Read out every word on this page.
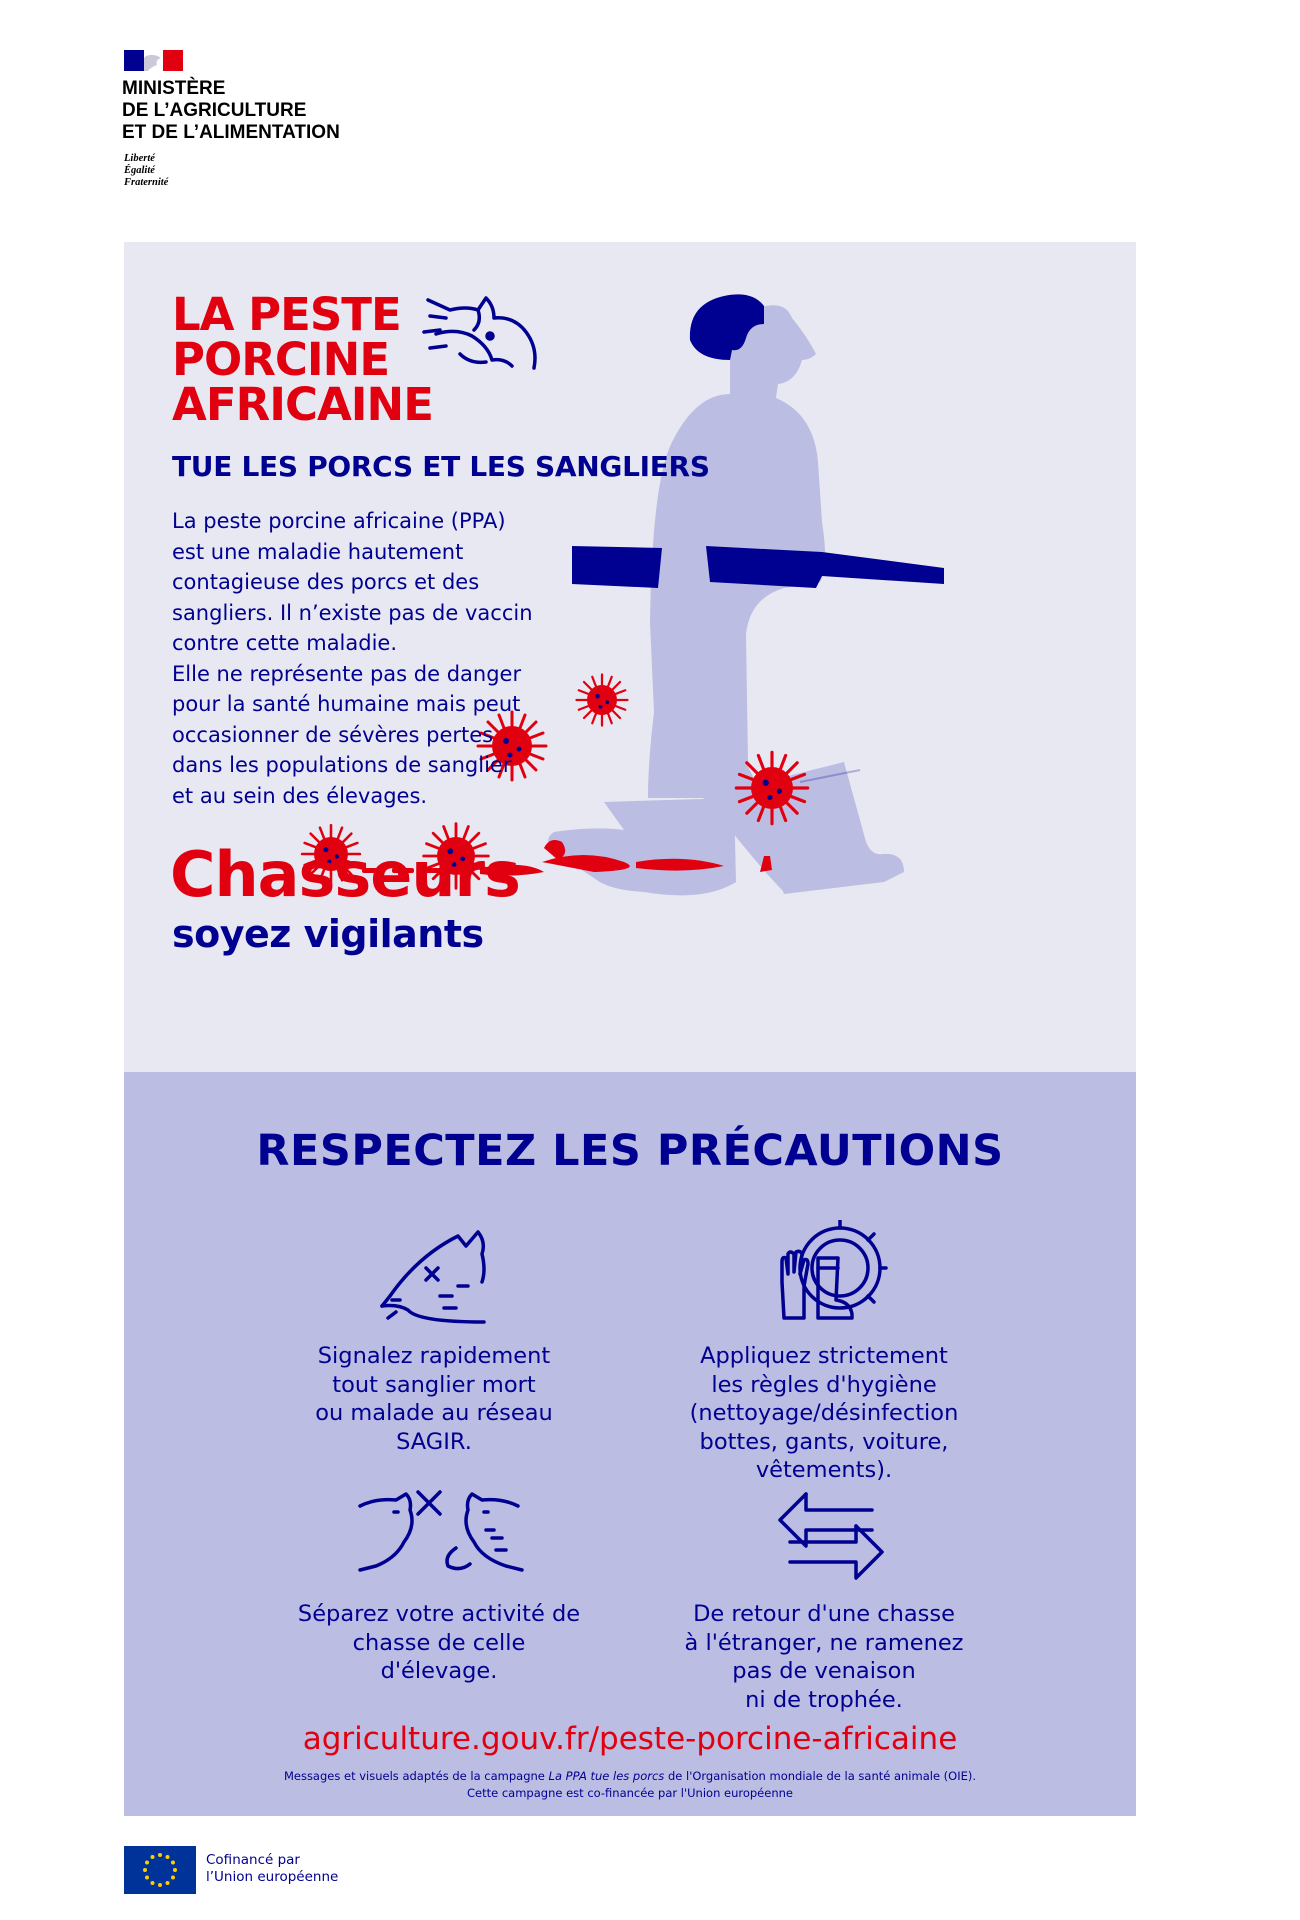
MINISTÈRE
DE L’AGRICULTURE
ET DE L’ALIMENTATION
Liberté
Égalité
Fraternité
LA PESTE
PORCINE
AFRICAINE
TUE LES PORCS ET LES SANGLIERS
La peste porcine africaine (PPA)
est une maladie hautement
contagieuse des porcs et des
sangliers. Il n’existe pas de vaccin
contre cette maladie.
Elle ne représente pas de danger
pour la santé humaine mais peut
occasionner de sévères pertes
dans les populations de sanglier
et au sein des élevages.
Chasseurs
soyez vigilants
RESPECTEZ LES PRÉCAUTIONS
Signalez rapidement
tout sanglier mort
ou malade au réseau
SAGIR.
Appliquez strictement
les règles d'hygiène
(nettoyage/désinfection
bottes, gants, voiture,
vêtements).
Séparez votre activité de
chasse de celle
d'élevage.
De retour d'une chasse
à l'étranger, ne ramenez
pas de venaison
ni de trophée.
agriculture.gouv.fr/peste-porcine-africaine
Messages et visuels adaptés de la campagne La PPA tue les porcs de l'Organisation mondiale de la santé animale (OIE).
Cette campagne est co-financée par l'Union européenne
Cofinancé par
l’Union européenne
